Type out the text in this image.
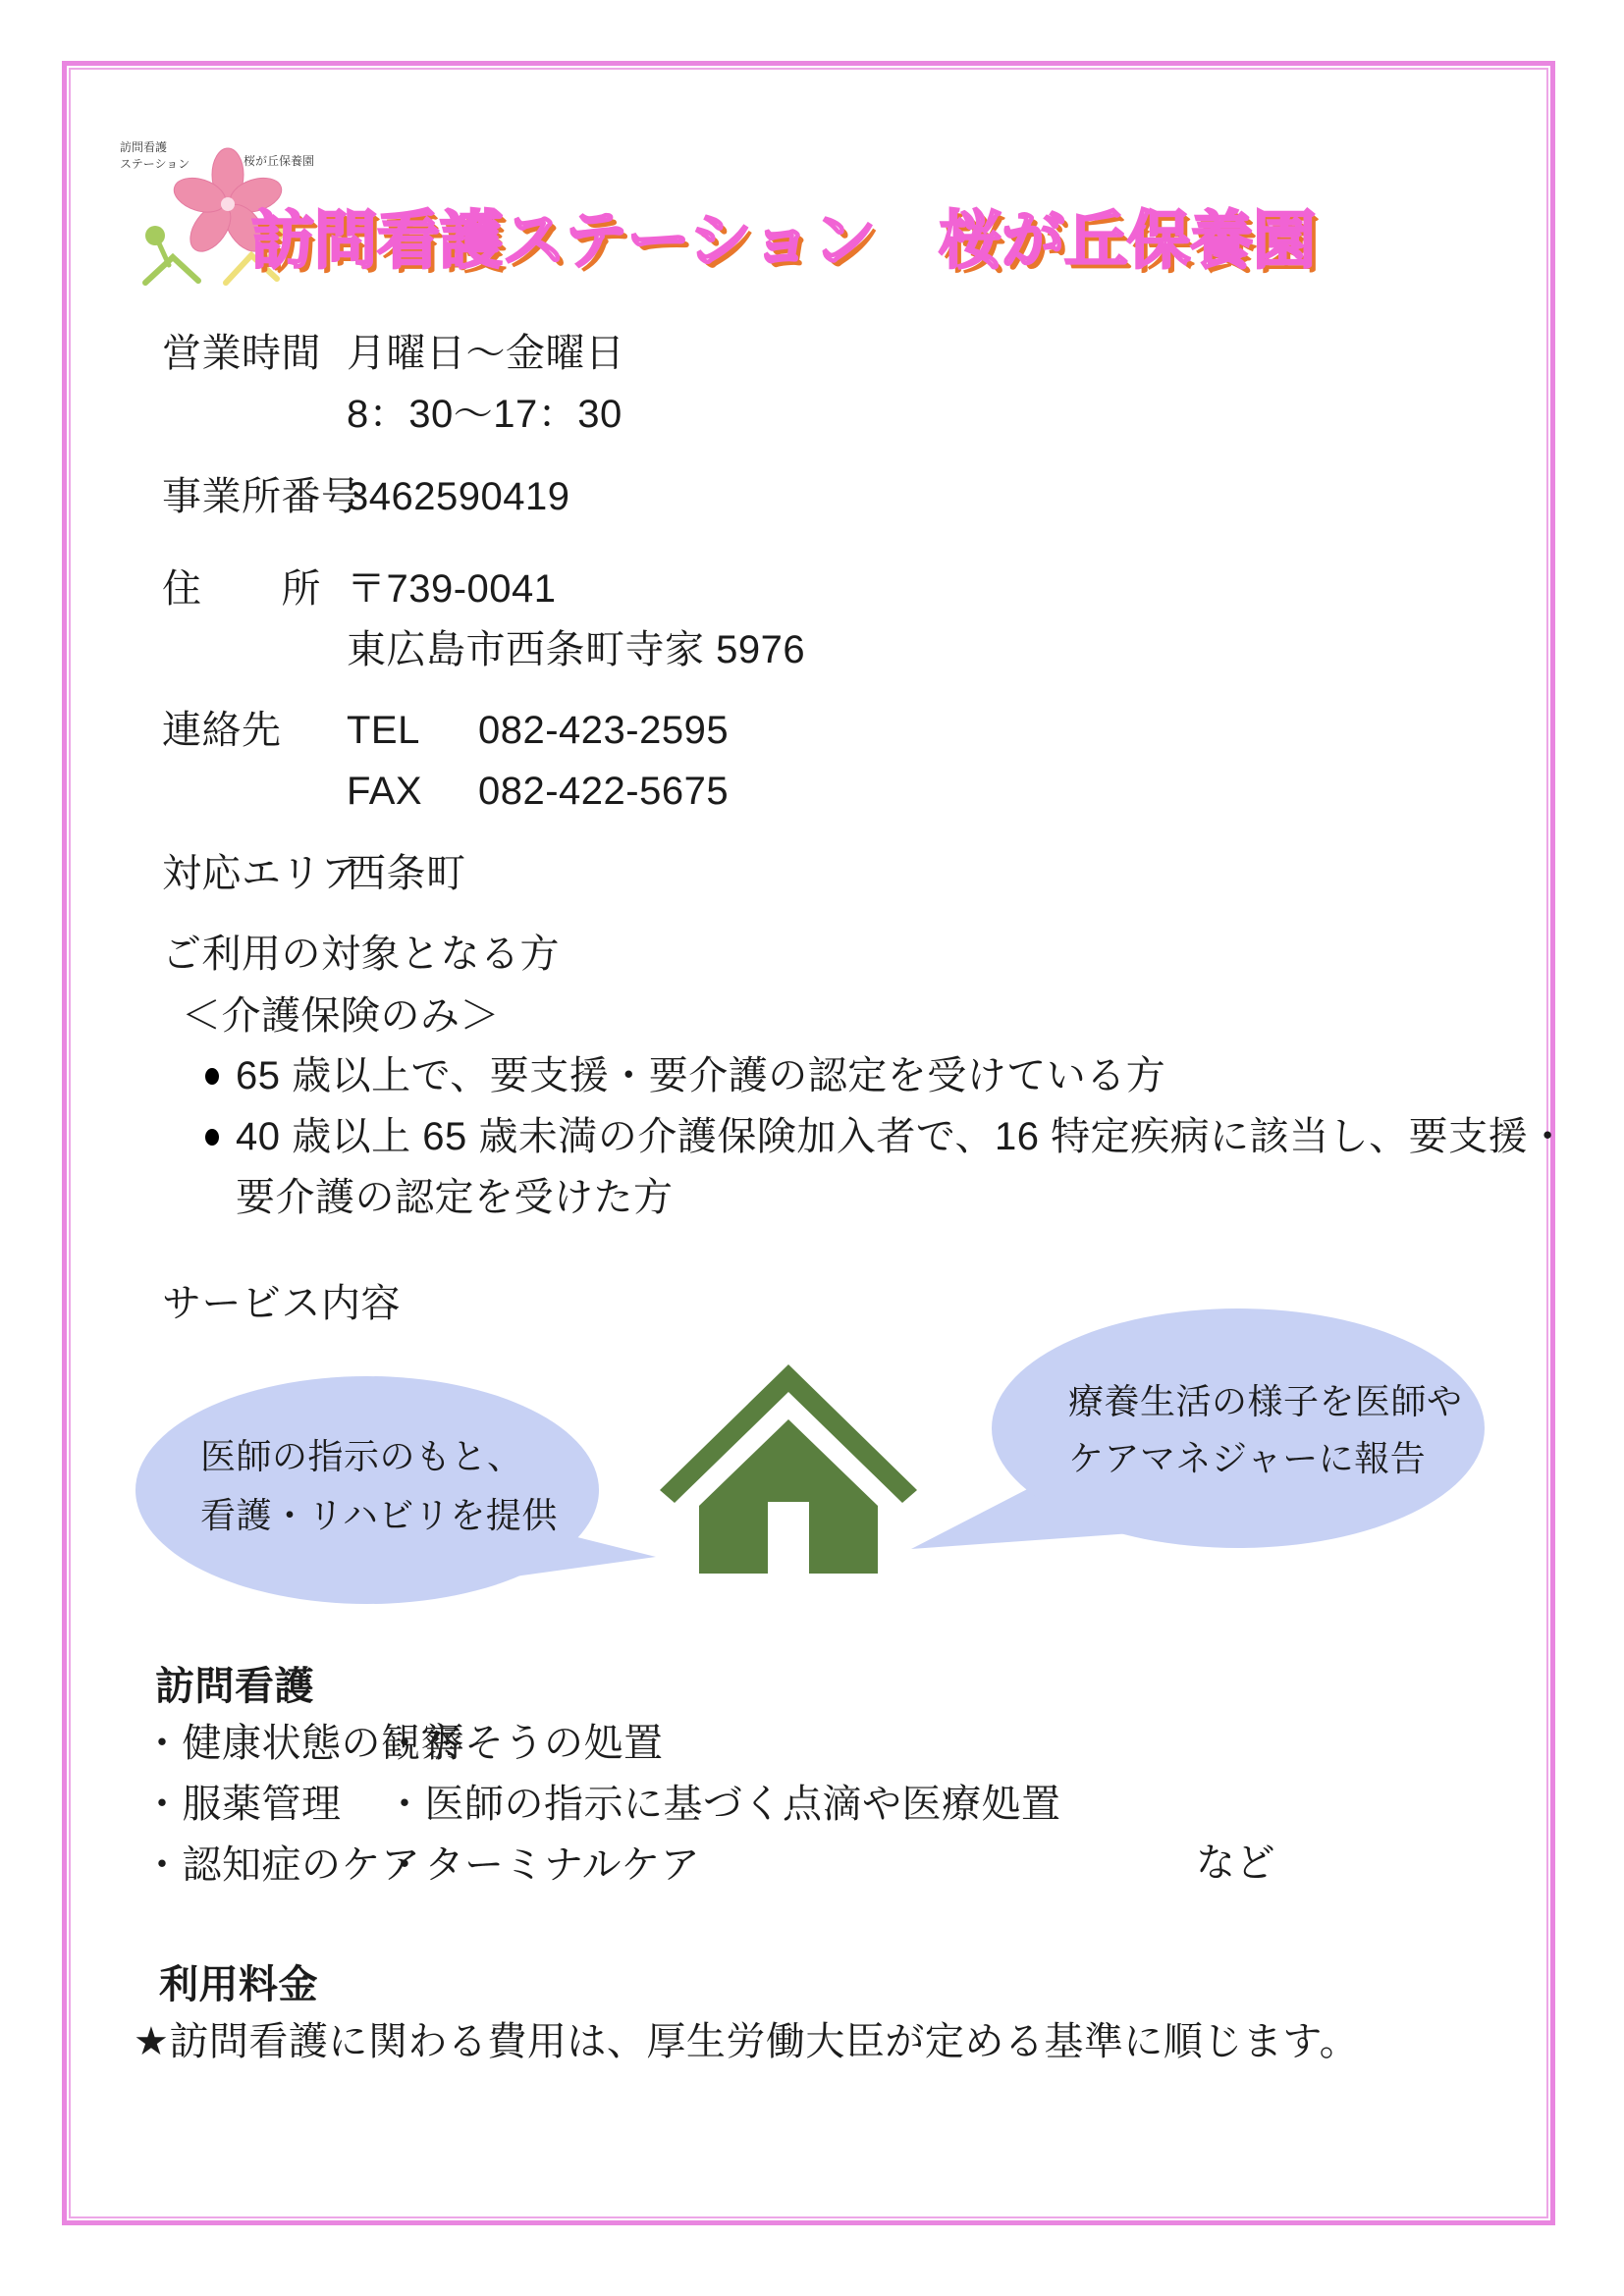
訪問看護
ステーション	桜が丘保養園
訪問看護ステーション　桜が丘保養園
営業時間 月曜日～金曜日
8：30～17：30
事業所番号
3462590419
住　　所 〒739-0041
東広島市西条町寺家 5976
連絡先 TEL 082-423-2595
FAX 082-422-5675
対応エリア
西条町
ご利用の対象となる方
＜介護保険のみ＞
65 歳以上で、要支援・要介護の認定を受けている方
40 歳以上 65 歳未満の介護保険加入者で、16 特定疾病に該当し、要支援・
要介護の認定を受けた方
サービス内容
医師の指示のもと、
看護・リハビリを提供
療養生活の様子を医師や
ケアマネジャーに報告
訪問看護
・健康状態の観察
・褥そうの処置
・服薬管理 ・医師の指示に基づく点滴や医療処置
・認知症のケア
・ターミナルケア	など
利用料金
★訪問看護に関わる費用は、厚生労働大臣が定める基準に順じます。
